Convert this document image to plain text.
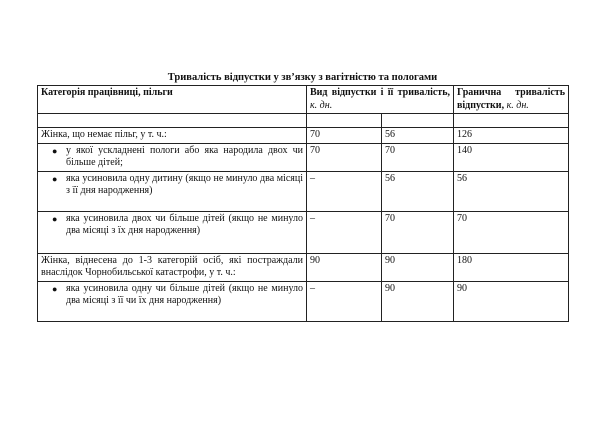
Тривалість відпустки у зв’язку з вагітністю та пологами
Категорія працівниці, пільги	Вид відпустки і її тривалість, к. дн.		Гранична тривалість відпустки, к. дн.

Жінка, що немає пільг, у т. ч.:	70	56	126

● у якої ускладнені пологи або яка народила двох чи більше дітей;	70	70	140

● яка усиновила одну дитину (якщо не минуло два місяці з її дня народження)	–	56	56

● яка усиновила двох чи більше дітей (якщо не минуло два місяці з їх дня народження)	–	70	70
Жінка, віднесена до 1-3 категорій осіб, які постраждали внаслідок Чорнобильської катастрофи, у т. ч.:	90	90	180

● яка усиновила одну чи більше дітей (якщо не минуло два місяці з її чи їх дня народження)	–	90	90
